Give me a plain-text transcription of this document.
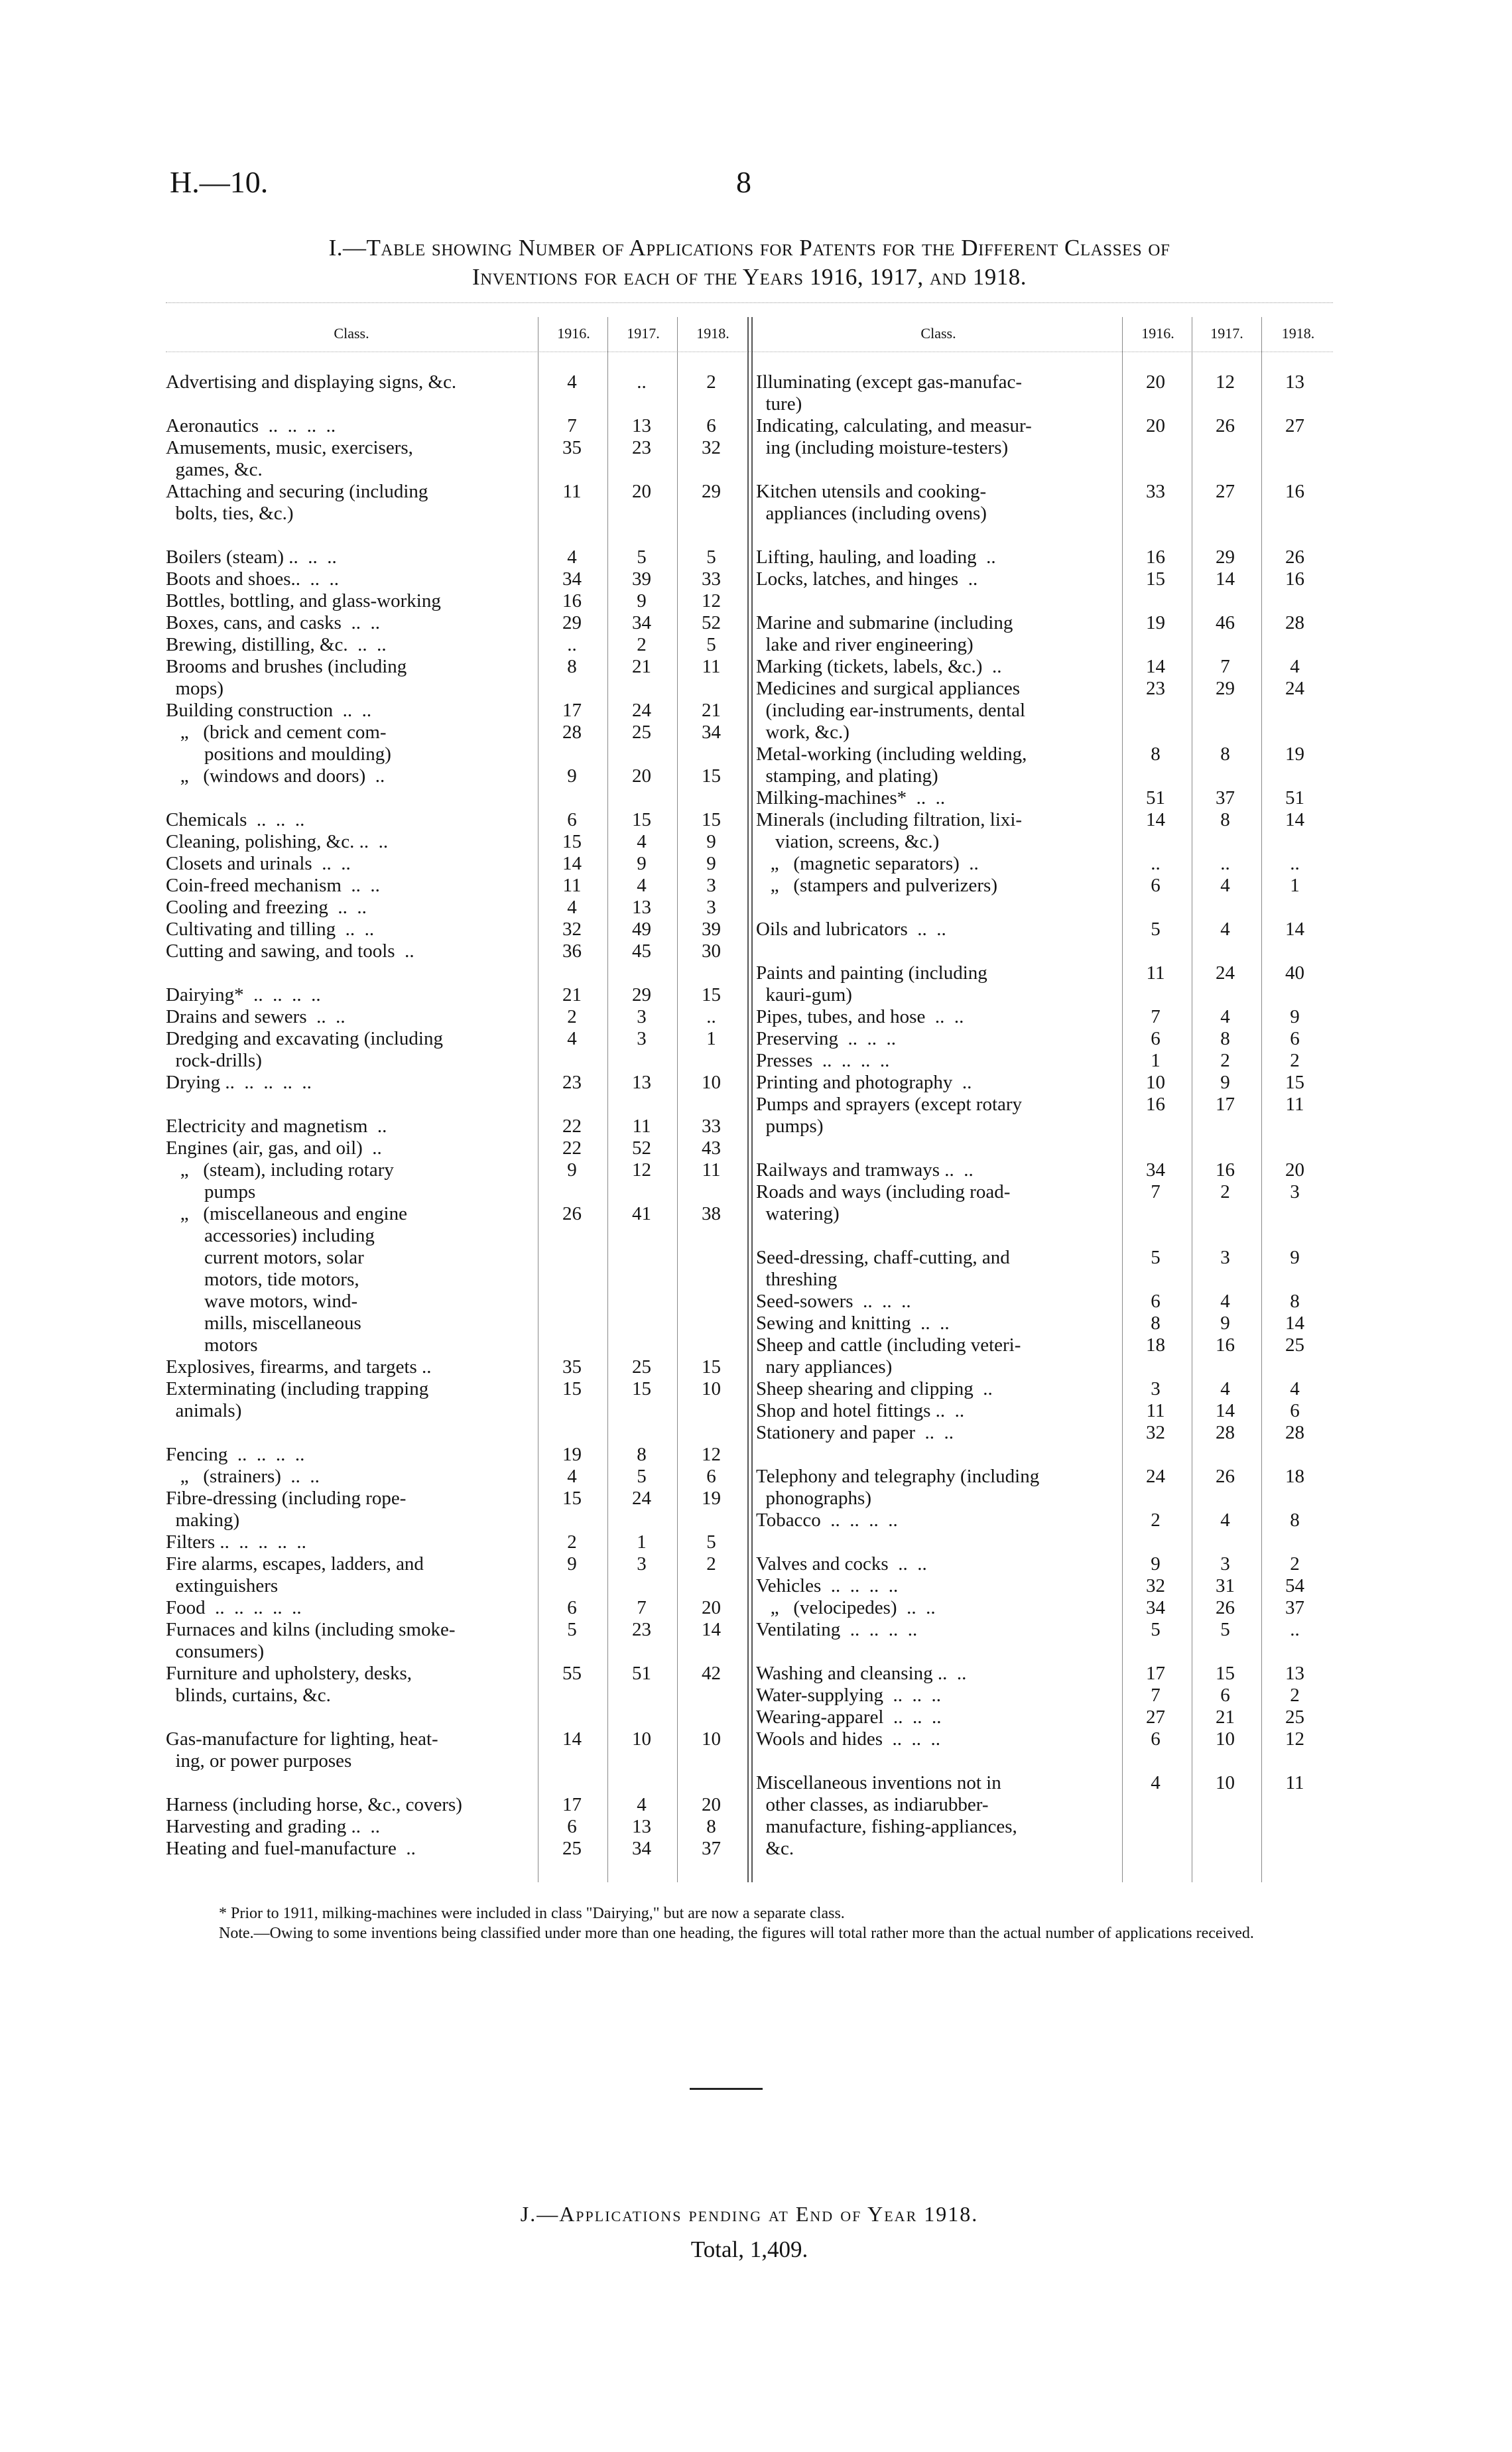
H.—10.	8
I.—Table showing Number of Applications for Patents for the Different Classes of
Inventions for each of the Years 1916, 1917, and 1918.
Class.	1916.	1917.	1918.	Class.	1916.	1917.	1918.
Advertising and displaying signs, &c.	4	..	2
Aeronautics  ..  ..  ..  ..	7	13	6
Amusements, music, exercisers,	35	23	32
games, &c.
Attaching and securing (including	11	20	29
bolts, ties, &c.)
Boilers (steam) ..  ..  ..	4	5	5
Boots and shoes..  ..  ..	34	39	33
Bottles, bottling, and glass-working	16	9	12
Boxes, cans, and casks  ..  ..	29	34	52
Brewing, distilling, &c.  ..  ..	..	2	5
Brooms and brushes (including	8	21	11
mops)
Building construction  ..  ..	17	24	21
„   (brick and cement com-	28	25	34
positions and moulding)
„   (windows and doors)  ..	9	20	15
Chemicals  ..  ..  ..	6	15	15
Cleaning, polishing, &c. ..  ..	15	4	9
Closets and urinals  ..  ..	14	9	9
Coin-freed mechanism  ..  ..	11	4	3
Cooling and freezing  ..  ..	4	13	3
Cultivating and tilling  ..  ..	32	49	39
Cutting and sawing, and tools  ..	36	45	30
Dairying*  ..  ..  ..  ..	21	29	15
Drains and sewers  ..  ..	2	3	..
Dredging and excavating (including	4	3	1
rock-drills)
Drying ..  ..  ..  ..  ..	23	13	10
Electricity and magnetism  ..	22	11	33
Engines (air, gas, and oil)  ..	22	52	43
„   (steam), including rotary	9	12	11
pumps
„   (miscellaneous and engine	26	41	38
accessories) including
current motors, solar
motors, tide motors,
wave motors, wind-
mills, miscellaneous
motors
Explosives, firearms, and targets ..	35	25	15
Exterminating (including trapping	15	15	10
animals)
Fencing  ..  ..  ..  ..	19	8	12
„   (strainers)  ..  ..	4	5	6
Fibre-dressing (including rope-	15	24	19
making)
Filters ..  ..  ..  ..  ..	2	1	5
Fire alarms, escapes, ladders, and	9	3	2
extinguishers
Food  ..  ..  ..  ..  ..	6	7	20
Furnaces and kilns (including smoke-	5	23	14
consumers)
Furniture and upholstery, desks,	55	51	42
blinds, curtains, &c.
Gas-manufacture for lighting, heat-	14	10	10
ing, or power purposes
Harness (including horse, &c., covers)	17	4	20
Harvesting and grading ..  ..	6	13	8
Heating and fuel-manufacture  ..	25	34	37
Illuminating (except gas-manufac-	20	12	13
ture)
Indicating, calculating, and measur-	20	26	27
ing (including moisture-testers)
Kitchen utensils and cooking-	33	27	16
appliances (including ovens)
Lifting, hauling, and loading  ..	16	29	26
Locks, latches, and hinges  ..	15	14	16
Marine and submarine (including	19	46	28
lake and river engineering)
Marking (tickets, labels, &c.)  ..	14	7	4
Medicines and surgical appliances	23	29	24
(including ear-instruments, dental
work, &c.)
Metal-working (including welding,	8	8	19
stamping, and plating)
Milking-machines*  ..  ..	51	37	51
Minerals (including filtration, lixi-	14	8	14
viation, screens, &c.)
„   (magnetic separators)  ..	..	..	..
„   (stampers and pulverizers)	6	4	1
Oils and lubricators  ..  ..	5	4	14
Paints and painting (including	11	24	40
kauri-gum)
Pipes, tubes, and hose  ..  ..	7	4	9
Preserving  ..  ..  ..	6	8	6
Presses  ..  ..  ..  ..	1	2	2
Printing and photography  ..	10	9	15
Pumps and sprayers (except rotary	16	17	11
pumps)
Railways and tramways ..  ..	34	16	20
Roads and ways (including road-	7	2	3
watering)
Seed-dressing, chaff-cutting, and	5	3	9
threshing
Seed-sowers  ..  ..  ..	6	4	8
Sewing and knitting  ..  ..	8	9	14
Sheep and cattle (including veteri-	18	16	25
nary appliances)
Sheep shearing and clipping  ..	3	4	4
Shop and hotel fittings ..  ..	11	14	6
Stationery and paper  ..  ..	32	28	28
Telephony and telegraphy (including	24	26	18
phonographs)
Tobacco  ..  ..  ..  ..	2	4	8
Valves and cocks  ..  ..	9	3	2
Vehicles  ..  ..  ..  ..	32	31	54
„   (velocipedes)  ..  ..	34	26	37
Ventilating  ..  ..  ..  ..	5	5	..
Washing and cleansing ..  ..	17	15	13
Water-supplying  ..  ..  ..	7	6	2
Wearing-apparel  ..  ..  ..	27	21	25
Wools and hides  ..  ..  ..	6	10	12
Miscellaneous inventions not in	4	10	11
other classes, as indiarubber-
manufacture, fishing-appliances,
&c.

* Prior to 1911, milking-machines were included in class "Dairying," but are now a separate class.

Note.—Owing to some inventions being classified under more than one heading, the figures will total rather more than the actual number of applications received.

J.—Applications pending at End of Year 1918.
Total, 1,409.
